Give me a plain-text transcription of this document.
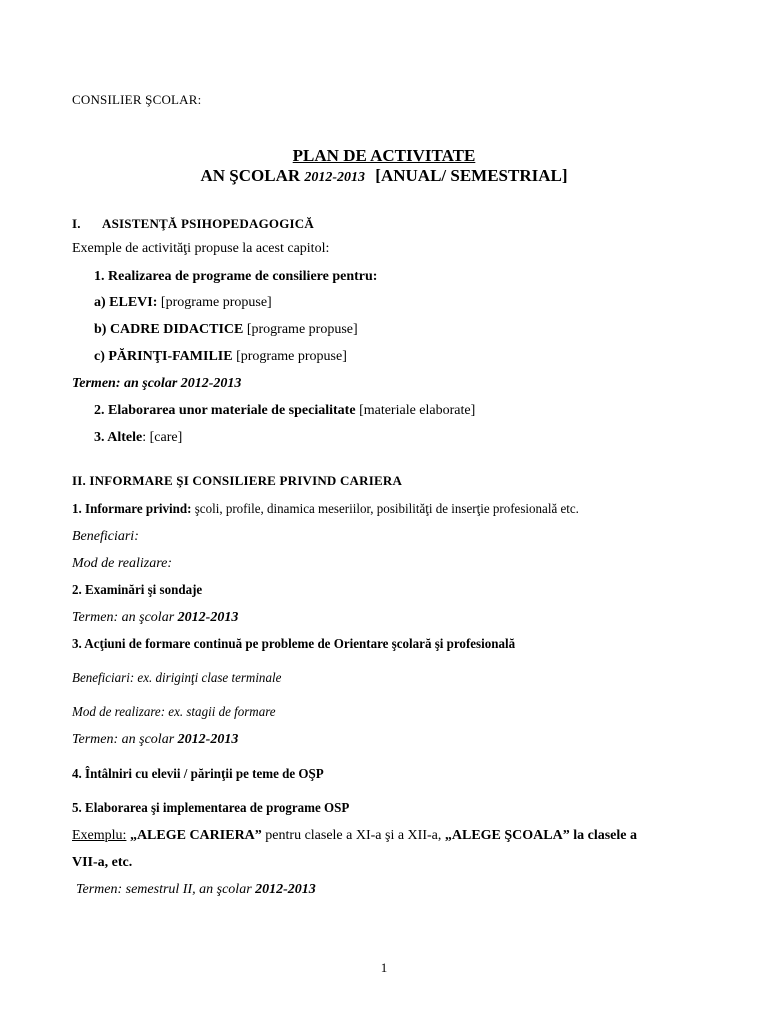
CONSILIER ŞCOLAR:
PLAN DE ACTIVITATE
AN ŞCOLAR 2012-2013 [ANUAL/ SEMESTRIAL]
I. ASISTENŢĂ PSIHOPEDAGOGICĂ
Exemple de activităţi propuse la acest capitol:
1. Realizarea de programe de consiliere pentru:
a) ELEVI: [programe propuse]
b) CADRE DIDACTICE [programe propuse]
c) PĂRINŢI-FAMILIE [programe propuse]
Termen: an şcolar 2012-2013
2. Elaborarea unor materiale de specialitate [materiale elaborate]
3. Altele: [care]
II. INFORMARE ŞI CONSILIERE PRIVIND CARIERA
1. Informare privind: şcoli, profile, dinamica meseriilor, posibilităţi de inserţie profesională etc.
Beneficiari:
Mod de realizare:
2. Examinări şi sondaje
Termen: an şcolar 2012-2013
3. Acţiuni de formare continuă pe probleme de Orientare şcolară şi profesională
Beneficiari: ex. diriginţi clase terminale
Mod de realizare: ex. stagii de formare
Termen: an şcolar 2012-2013
4. Întâlniri cu elevii / părinţii pe teme de OŞP
5. Elaborarea şi implementarea de programe OSP
Exemplu: „ALEGE CARIERA” pentru clasele a XI-a şi a XII-a, „ALEGE ŞCOALA” la clasele a
VII-a, etc.
Termen: semestrul II, an şcolar 2012-2013
1
